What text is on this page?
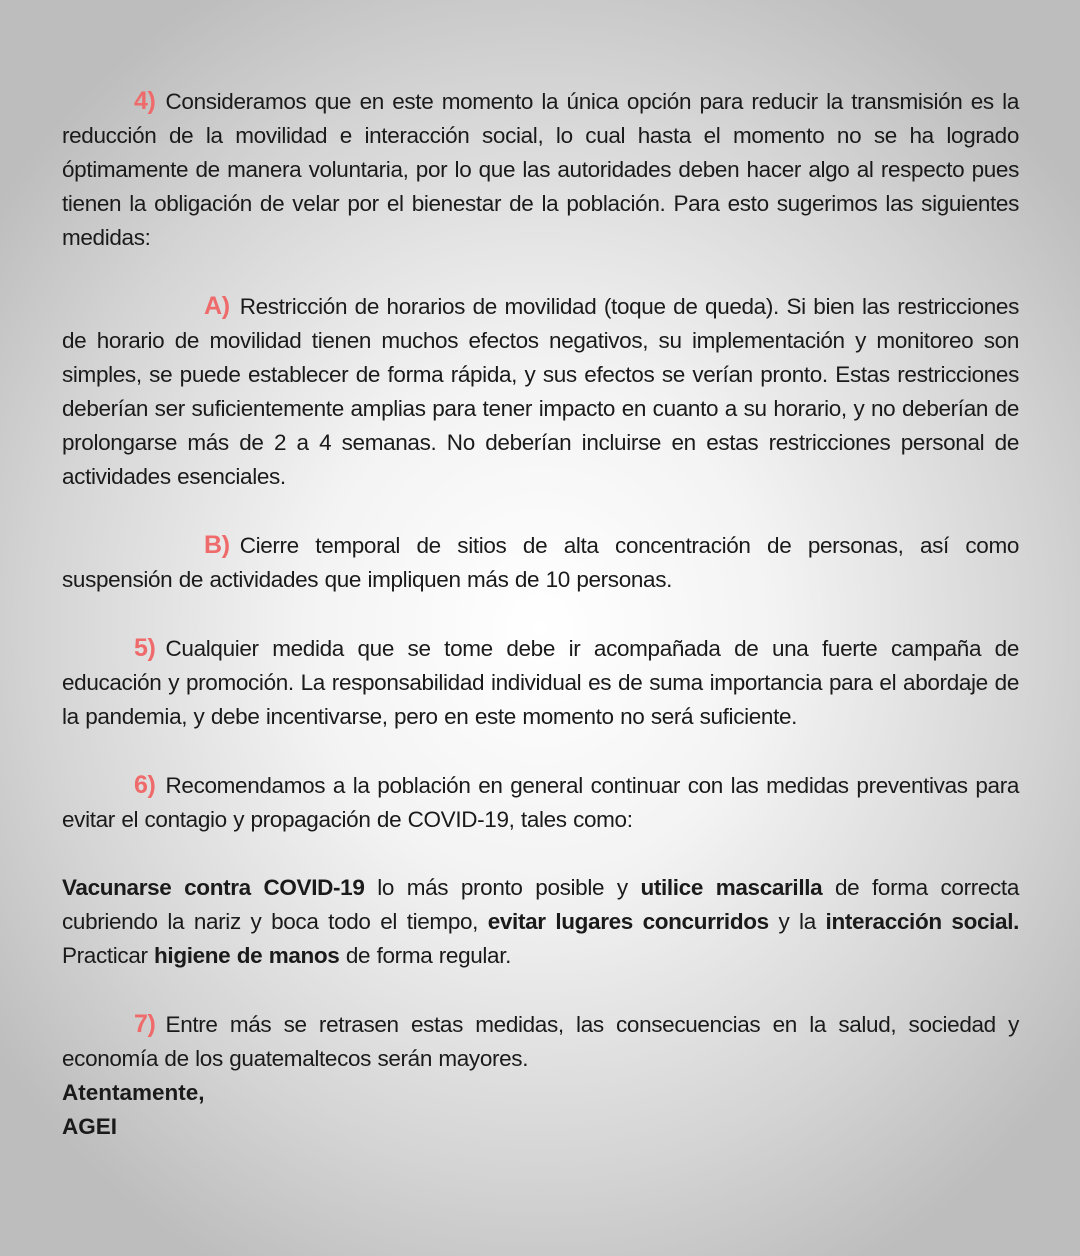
4) Consideramos que en este momento la única opción para reducir la transmisión es la reducción de la movilidad e interacción social, lo cual hasta el momento no se ha logrado óptimamente de manera voluntaria, por lo que las autoridades deben hacer algo al respecto pues tienen la obligación de velar por el bienestar de la población. Para esto sugerimos las siguientes medidas:

A) Restricción de horarios de movilidad (toque de queda). Si bien las restricciones de horario de movilidad tienen muchos efectos negativos, su implementación y monitoreo son simples, se puede establecer de forma rápida, y sus efectos se verían pronto. Estas restricciones deberían ser suficientemente amplias para tener impacto en cuanto a su horario, y no deberían de prolongarse más de 2 a 4 semanas. No deberían incluirse en estas restricciones personal de actividades esenciales.

B) Cierre temporal de sitios de alta concentración de personas, así como suspensión de actividades que impliquen más de 10 personas.

5) Cualquier medida que se tome debe ir acompañada de una fuerte campaña de educación y promoción. La responsabilidad individual es de suma importancia para el abordaje de la pandemia, y debe incentivarse, pero en este momento no será suficiente.

6) Recomendamos a la población en general continuar con las medidas preventivas para evitar el contagio y propagación de COVID-19, tales como:

Vacunarse contra COVID-19 lo más pronto posible y utilice mascarilla de forma correcta cubriendo la nariz y boca todo el tiempo, evitar lugares concurridos y la interacción social. Practicar higiene de manos de forma regular.

7) Entre más se retrasen estas medidas, las consecuencias en la salud, sociedad y economía de los guatemaltecos serán mayores.

Atentamente,

AGEI
